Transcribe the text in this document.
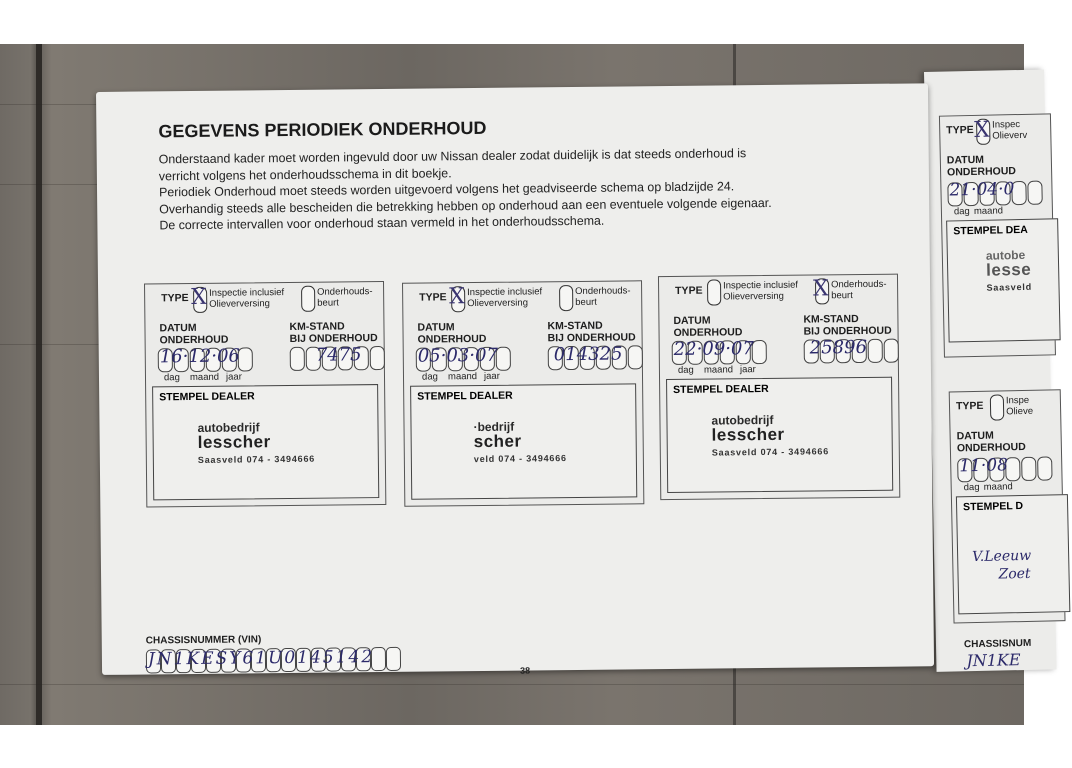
TYPE X Inspec
Olieverv
DATUM
ONDERHOUD
21·04·0
dag maand
STEMPEL DEA
autobe
lesse
Saasveld
TYPE Inspe
Olieve
DATUM
ONDERHOUD
11·08
dag maand
STEMPEL D
V.Leeuw
Zoet
CHASSISNUM
JN1KE
GEGEVENS PERIODIEK ONDERHOUD
Onderstaand kader moet worden ingevuld door uw Nissan dealer zodat duidelijk is dat steeds onderhoud is
verricht volgens het onderhoudsschema in dit boekje.
Periodiek Onderhoud moet steeds worden uitgevoerd volgens het geadviseerde schema op bladzijde 24.
Overhandig steeds alle bescheiden die betrekking hebben op onderhoud aan een eventuele volgende eigenaar.
De correcte intervallen voor onderhoud staan vermeld in het onderhoudsschema.
TYPE Inspectie inclusief
Olieverversing
Onderhouds-
beurt
X
DATUM
ONDERHOUD
KM-STAND
BIJ ONDERHOUD
16·12·06	7475
dag maand jaar
STEMPEL DEALER
autobedrijf
lesscher
Saasveld 074 - 3494666
TYPE Inspectie inclusief
Olieverversing
Onderhouds-
beurt
X
DATUM
ONDERHOUD
KM-STAND
BIJ ONDERHOUD
05·03·07	014325
dag maand jaar
STEMPEL DEALER
·bedrijf
scher
veld 074 - 3494666
TYPE Inspectie inclusief
Olieverversing
Onderhouds-
beurt
X
DATUM
ONDERHOUD
KM-STAND
BIJ ONDERHOUD
22·09·07	25896
dag maand jaar
STEMPEL DEALER
autobedrijf
lesscher
Saasveld 074 - 3494666
CHASSISNUMMER (VIN)
JN1KESY61U0145142
38
